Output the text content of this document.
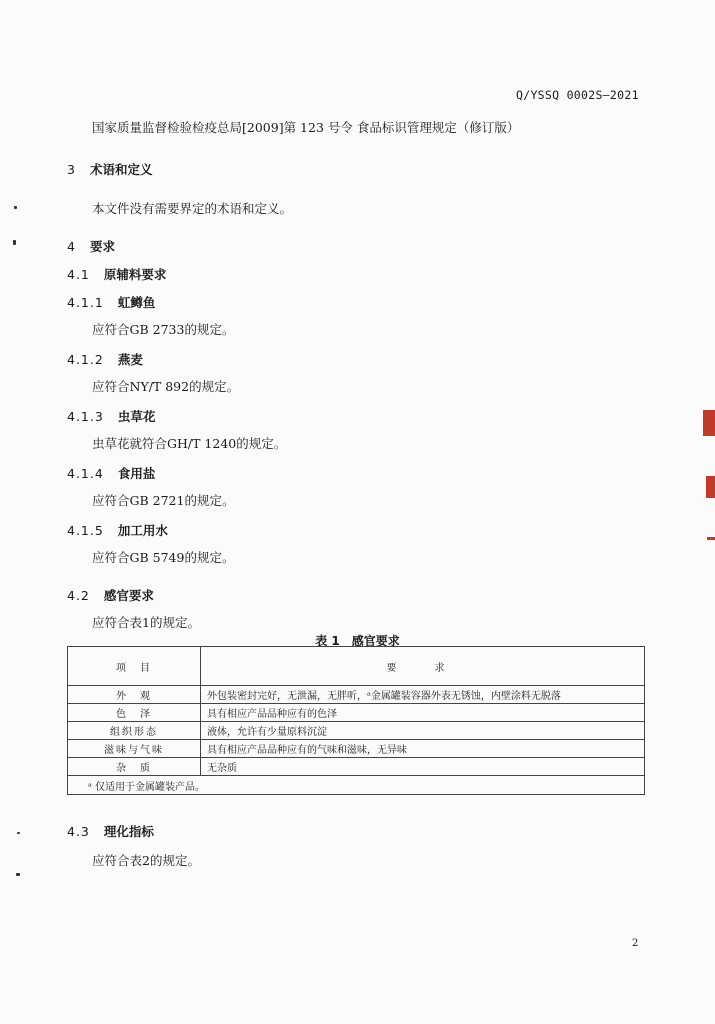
Q/YSSQ 0002S—2021
国家质量监督检验检疫总局[2009]第 123 号令 食品标识管理规定（修订版）
3 术语和定义
本文件没有需要界定的术语和定义。
4 要求
4.1 原辅料要求
4.1.1 虹鳟鱼
应符合GB 2733的规定。
4.1.2 燕麦
应符合NY/T 892的规定。
4.1.3 虫草花
虫草花就符合GH/T 1240的规定。
4.1.4 食用盐
应符合GB 2721的规定。
4.1.5 加工用水
应符合GB 5749的规定。
4.2 感官要求
应符合表1的规定。
表 1　感官要求
项　目	要　求
外　观	外包装密封完好，无泄漏，无胖听，ᵃ金属罐装容器外表无锈蚀，内壁涂料无脱落
色　泽	具有相应产品品种应有的色泽
组织形态	液体，允许有少量原料沉淀
滋味与气味	具有相应产品品种应有的气味和滋味，无异味
杂　质	无杂质
ᵃ 仅适用于金属罐装产品。	
4.3 理化指标
应符合表2的规定。
2
